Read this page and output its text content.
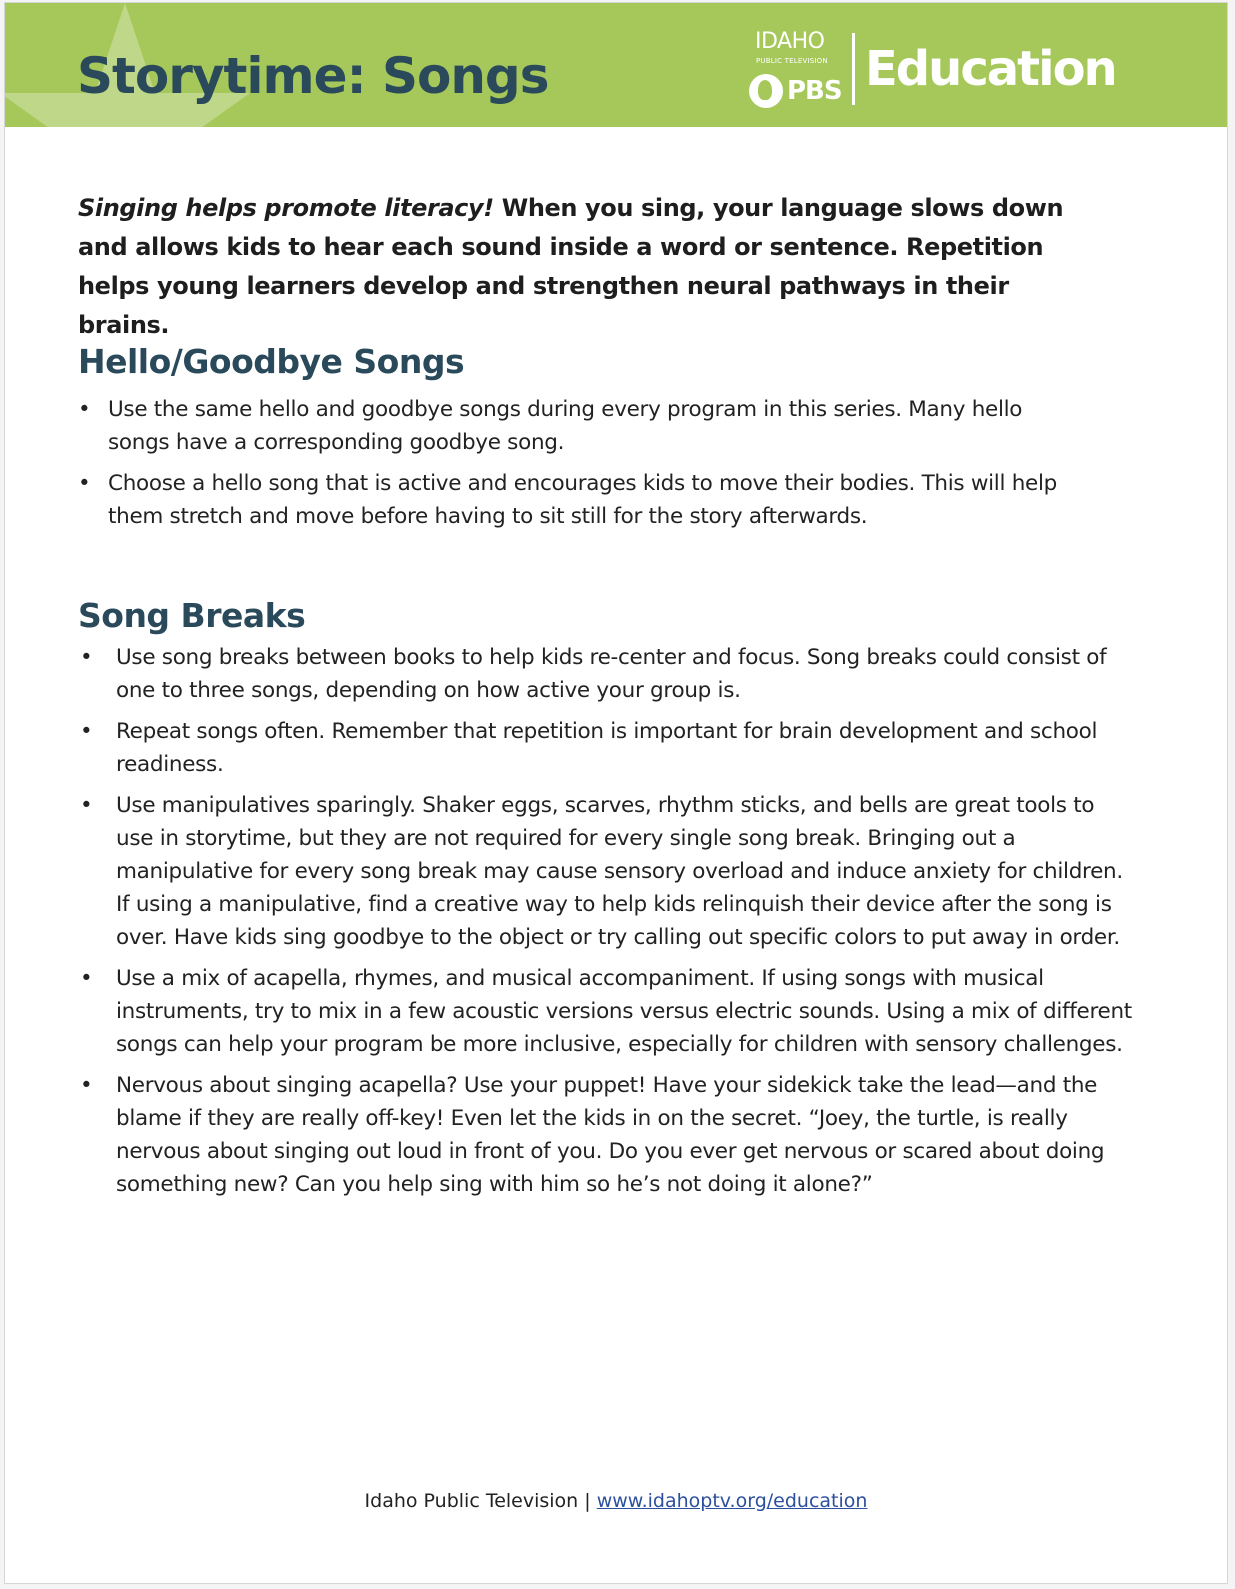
Storytime: Songs
IDAHO
PUBLIC TELEVISION
PBS Education

Singing helps promote literacy! When you sing, your language slows down and allows kids to hear each sound inside a word or sentence. Repetition helps young learners develop and strengthen neural pathways in their brains.

Hello/Goodbye Songs
• Use the same hello and goodbye songs during every program in this series. Many hello songs have a corresponding goodbye song.
• Choose a hello song that is active and encourages kids to move their bodies. This will help them stretch and move before having to sit still for the story afterwards.
Song Breaks
• Use song breaks between books to help kids re-center and focus. Song breaks could consist of one to three songs, depending on how active your group is.
• Repeat songs often. Remember that repetition is important for brain development and school readiness.
• Use manipulatives sparingly. Shaker eggs, scarves, rhythm sticks, and bells are great tools to use in storytime, but they are not required for every single song break. Bringing out a manipulative for every song break may cause sensory overload and induce anxiety for children. If using a manipulative, find a creative way to help kids relinquish their device after the song is over. Have kids sing goodbye to the object or try calling out specific colors to put away in order.
• Use a mix of acapella, rhymes, and musical accompaniment. If using songs with musical instruments, try to mix in a few acoustic versions versus electric sounds. Using a mix of different songs can help your program be more inclusive, especially for children with sensory challenges.
• Nervous about singing acapella? Use your puppet! Have your sidekick take the lead—and the blame if they are really off-key! Even let the kids in on the secret. “Joey, the turtle, is really nervous about singing out loud in front of you. Do you ever get nervous or scared about doing something new? Can you help sing with him so he’s not doing it alone?”
Idaho Public Television | www.idahoptv.org/education
